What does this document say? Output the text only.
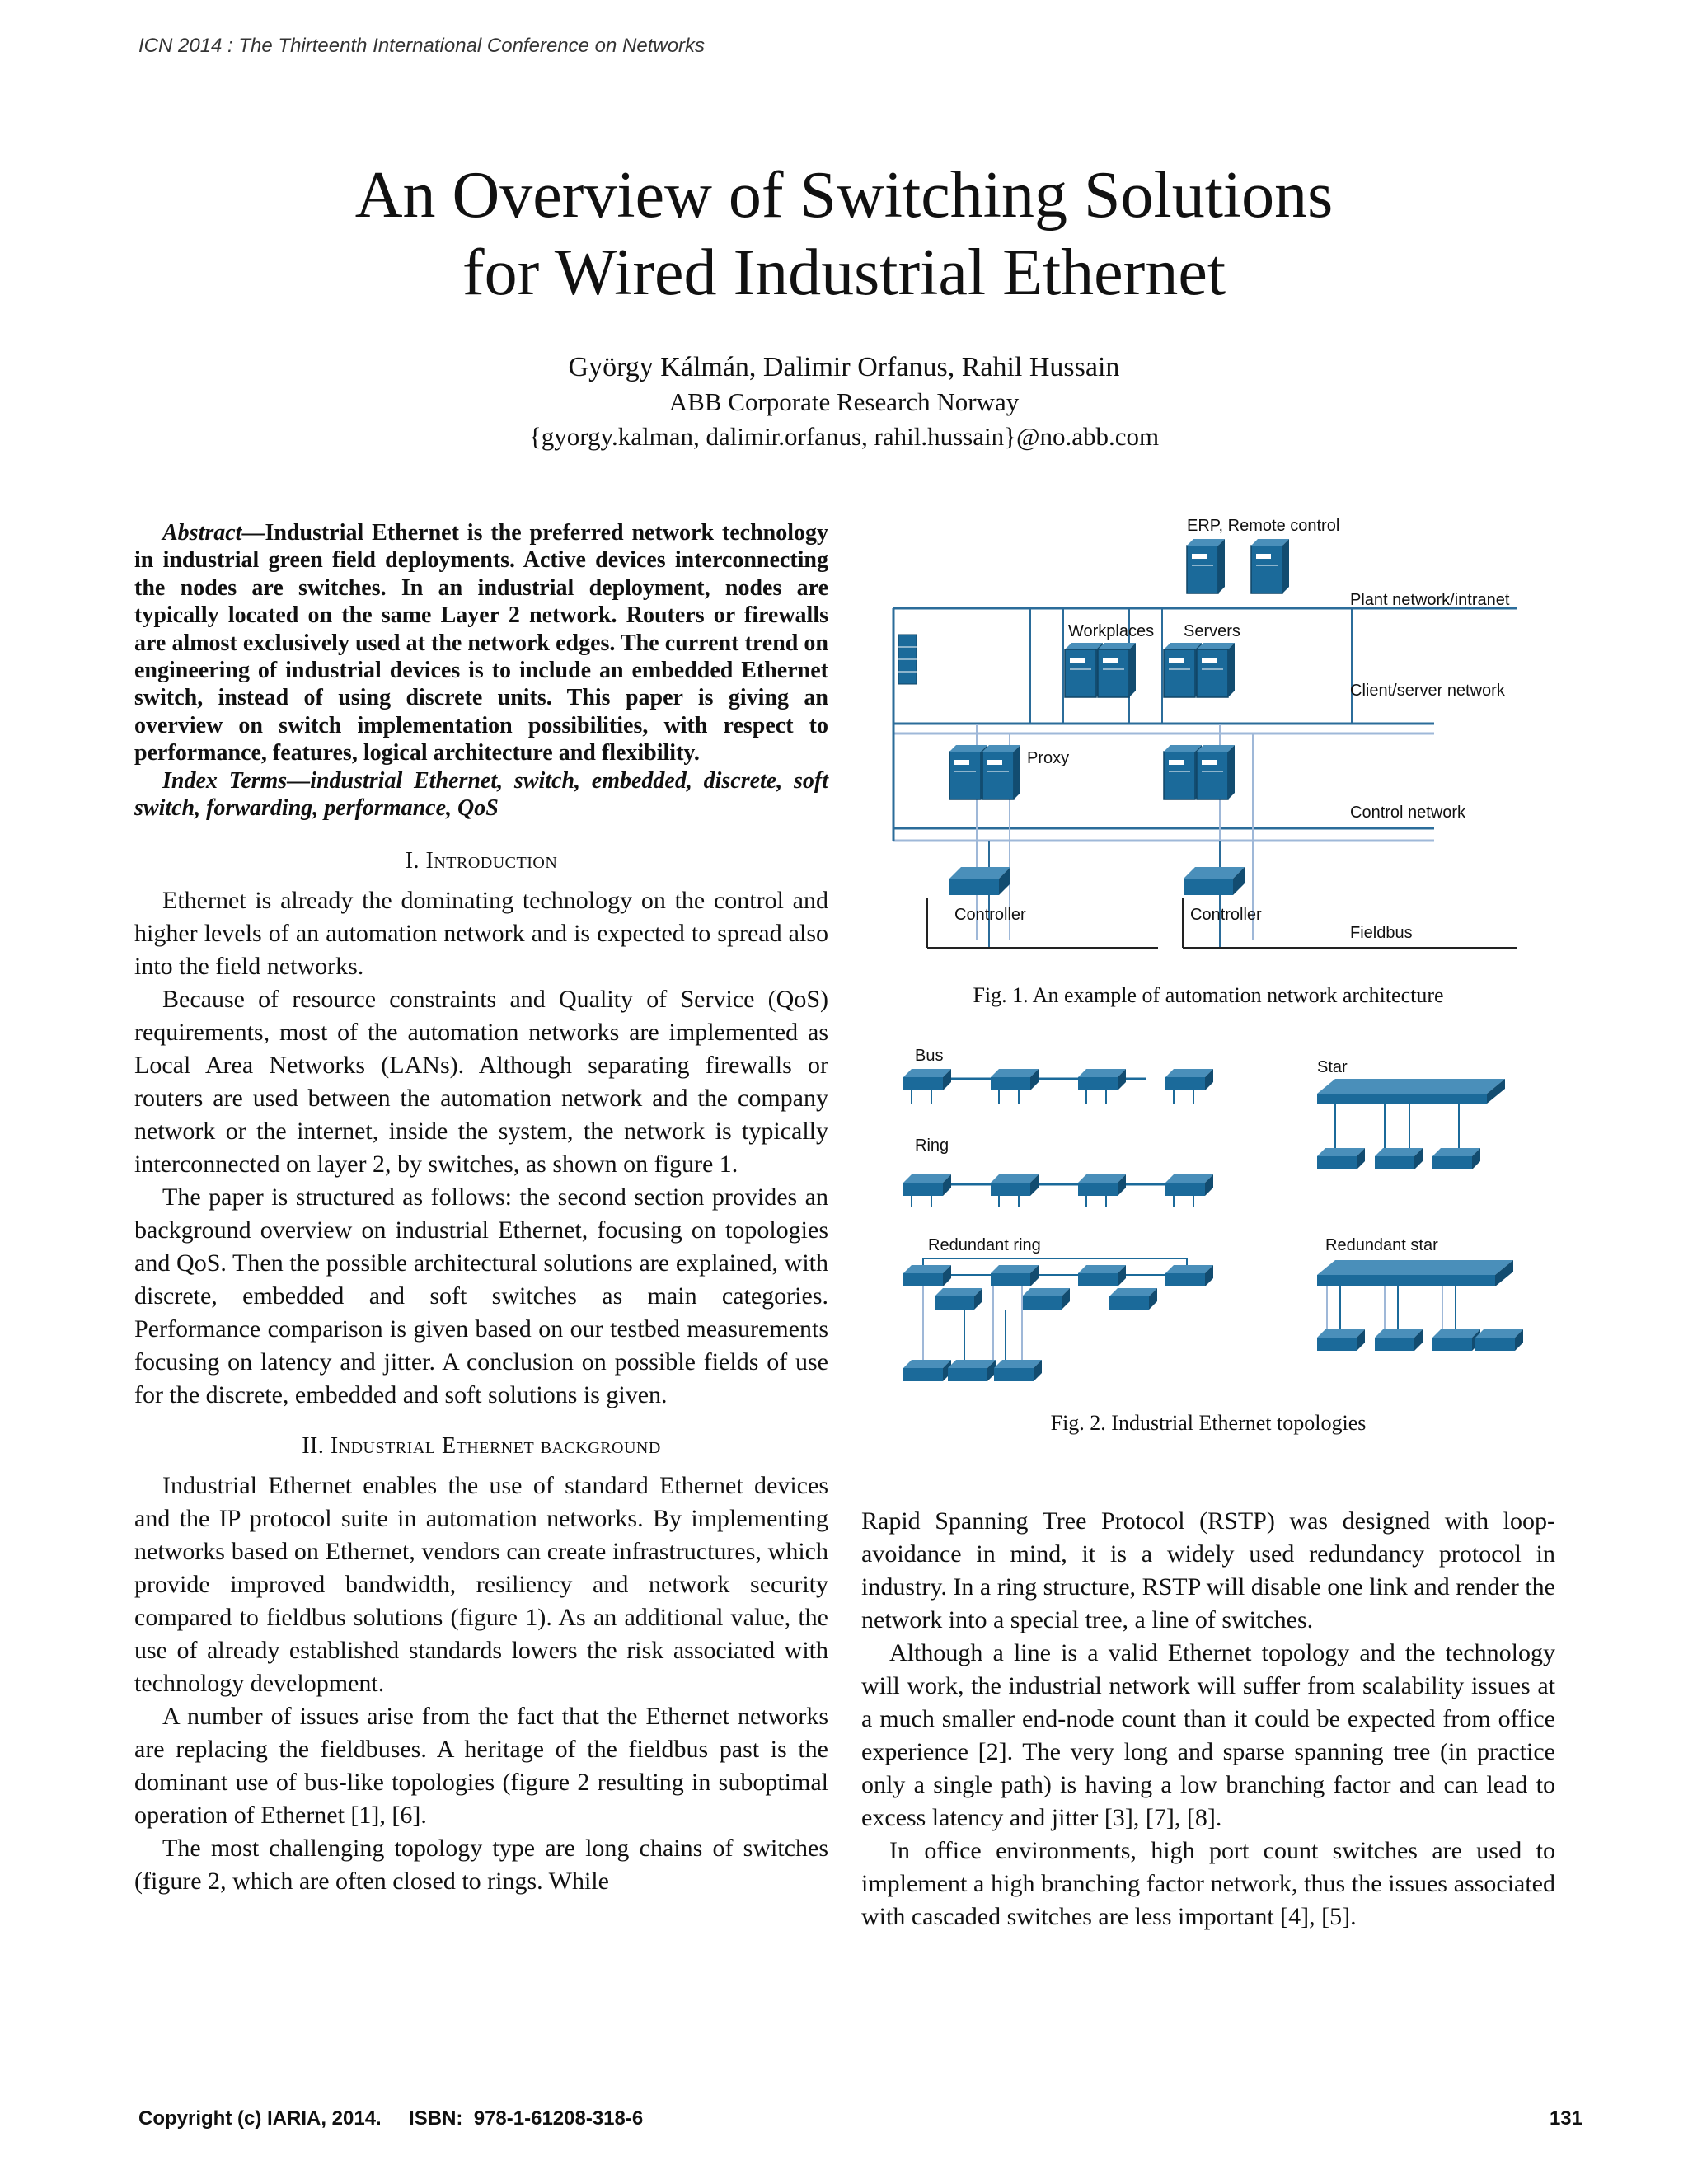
ICN 2014 : The Thirteenth International Conference on Networks
An Overview of Switching Solutions
for Wired Industrial Ethernet
György Kálmán, Dalimir Orfanus, Rahil Hussain
ABB Corporate Research Norway
{gyorgy.kalman, dalimir.orfanus, rahil.hussain}@no.abb.com

Abstract—Industrial Ethernet is the preferred network technology in industrial green field deployments. Active devices interconnecting the nodes are switches. In an industrial deployment, nodes are typically located on the same Layer 2 network. Routers or firewalls are almost exclusively used at the network edges. The current trend on engineering of industrial devices is to include an embedded Ethernet switch, instead of using discrete units. This paper is giving an overview on switch implementation possibilities, with respect to performance, features, logical architecture and flexibility.

Index Terms—industrial Ethernet, switch, embedded, discrete, soft switch, forwarding, performance, QoS

I. Introduction

Ethernet is already the dominating technology on the control and higher levels of an automation network and is expected to spread also into the field networks.

Because of resource constraints and Quality of Service (QoS) requirements, most of the automation networks are implemented as Local Area Networks (LANs). Although separating firewalls or routers are used between the automation network and the company network or the internet, inside the system, the network is typically interconnected on layer 2, by switches, as shown on figure 1.

The paper is structured as follows: the second section provides an background overview on industrial Ethernet, focusing on topologies and QoS. Then the possible architectural solutions are explained, with discrete, embedded and soft switches as main categories. Performance comparison is given based on our testbed measurements focusing on latency and jitter. A conclusion on possible fields of use for the discrete, embedded and soft solutions is given.

II. Industrial Ethernet background

Industrial Ethernet enables the use of standard Ethernet devices and the IP protocol suite in automation networks. By implementing networks based on Ethernet, vendors can create infrastructures, which provide improved bandwidth, resiliency and network security compared to fieldbus solutions (figure 1). As an additional value, the use of already established standards lowers the risk associated with technology development.

A number of issues arise from the fact that the Ethernet networks are replacing the fieldbuses. A heritage of the fieldbus past is the dominant use of bus-like topologies (figure 2 resulting in suboptimal operation of Ethernet [1], [6].

The most challenging topology type are long chains of switches (figure 2, which are often closed to rings. While

ERP, Remote control
Plant network/intranet
Workplaces Servers
Client/server network
Proxy
Control network
Controller	Controller
Fieldbus
Fig. 1. An example of automation network architecture
Bus
Ring
Redundant ring
Star
Redundant star
Fig. 2. Industrial Ethernet topologies

Rapid Spanning Tree Protocol (RSTP) was designed with loop-avoidance in mind, it is a widely used redundancy protocol in industry. In a ring structure, RSTP will disable one link and render the network into a special tree, a line of switches.

Although a line is a valid Ethernet topology and the technology will work, the industrial network will suffer from scalability issues at a much smaller end-node count than it could be expected from office experience [2]. The very long and sparse spanning tree (in practice only a single path) is having a low branching factor and can lead to excess latency and jitter [3], [7], [8].

In office environments, high port count switches are used to implement a high branching factor network, thus the issues associated with cascaded switches are less important [4], [5].

Copyright (c) IARIA, 2014.     ISBN:  978-1-61208-318-6	131
